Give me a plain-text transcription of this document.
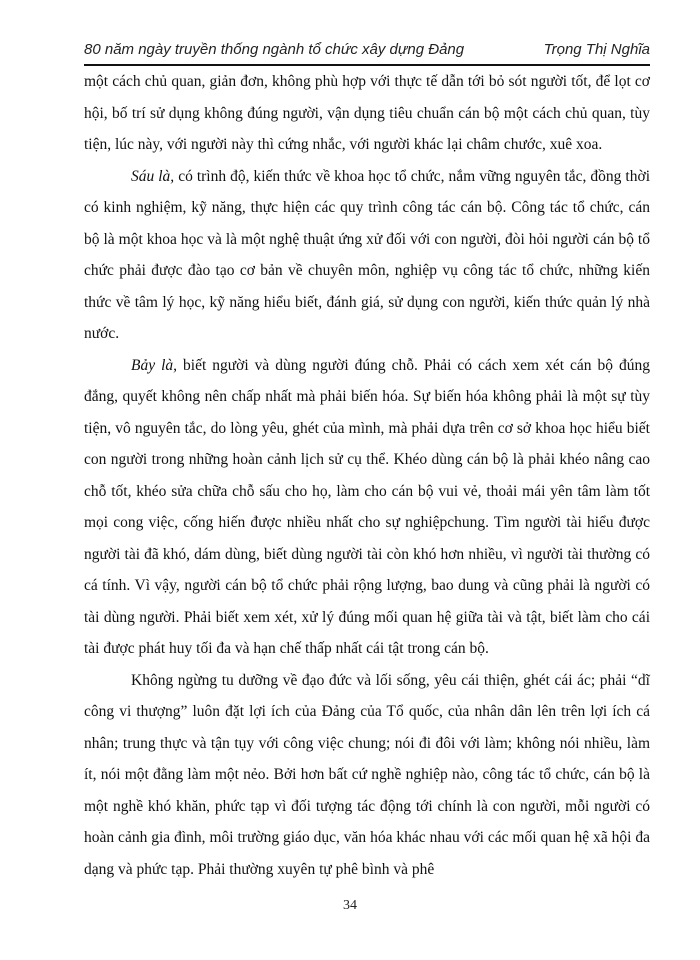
80 năm ngày truyền thống ngành tổ chức xây dựng Đảng	Trọng Thị Nghĩa

một cách chủ quan, giản đơn, không phù hợp với thực tế dẫn tới bỏ sót người tốt, để lọt cơ hội, bố trí sử dụng không đúng người, vận dụng tiêu chuẩn cán bộ một cách chủ quan, tùy tiện, lúc này, với người này thì cứng nhắc, với người khác lại châm chước, xuê xoa.

Sáu là, có trình độ, kiến thức về khoa học tổ chức, nắm vững nguyên tắc, đồng thời có kinh nghiệm, kỹ năng, thực hiện các quy trình công tác cán bộ. Công tác tổ chức, cán bộ là một khoa học và là một nghệ thuật ứng xử đối với con người, đòi hỏi người cán bộ tổ chức phải được đào tạo cơ bản về chuyên môn, nghiệp vụ công tác tổ chức, những kiến thức về tâm lý học, kỹ năng hiểu biết, đánh giá, sử dụng con người, kiến thức quản lý nhà nước.

Bảy là, biết người và dùng người đúng chỗ. Phải có cách xem xét cán bộ đúng đắng, quyết không nên chấp nhất mà phải biến hóa. Sự biến hóa không phải là một sự tùy tiện, vô nguyên tắc, do lòng yêu, ghét của mình, mà phải dựa trên cơ sở khoa học hiểu biết con người trong những hoàn cảnh lịch sử cụ thể. Khéo dùng cán bộ là phải khéo nâng cao chỗ tốt, khéo sửa chữa chỗ sấu cho họ, làm cho cán bộ vui vẻ, thoải mái yên tâm làm tốt mọi cong việc, cống hiến được nhiều nhất cho sự nghiệpchung. Tìm người tài hiểu được người tài đã khó, dám dùng, biết dùng người tài còn khó hơn nhiều, vì người tài thường có cá tính. Vì vậy, người cán bộ tổ chức phải rộng lượng, bao dung và cũng phải là người có tài dùng người. Phải biết xem xét, xử lý đúng mối quan hệ giữa tài và tật, biết làm cho cái tài được phát huy tối đa và hạn chế thấp nhất cái tật trong cán bộ.

Không ngừng tu dưỡng về đạo đức và lối sống, yêu cái thiện, ghét cái ác; phải “dĩ công vi thượng” luôn đặt lợi ích của Đảng của Tổ quốc, của nhân dân lên trên lợi ích cá nhân; trung thực và tận tụy với công việc chung; nói đi đôi với làm; không nói nhiều, làm ít, nói một đằng làm một nẻo. Bởi hơn bất cứ nghề nghiệp nào, công tác tổ chức, cán bộ là một nghề khó khăn, phức tạp vì đối tượng tác động tới chính là con người, mỗi người có hoàn cảnh gia đình, môi trường giáo dục, văn hóa khác nhau với các mối quan hệ xã hội đa dạng và phức tạp. Phải thường xuyên tự phê bình và phê

34
